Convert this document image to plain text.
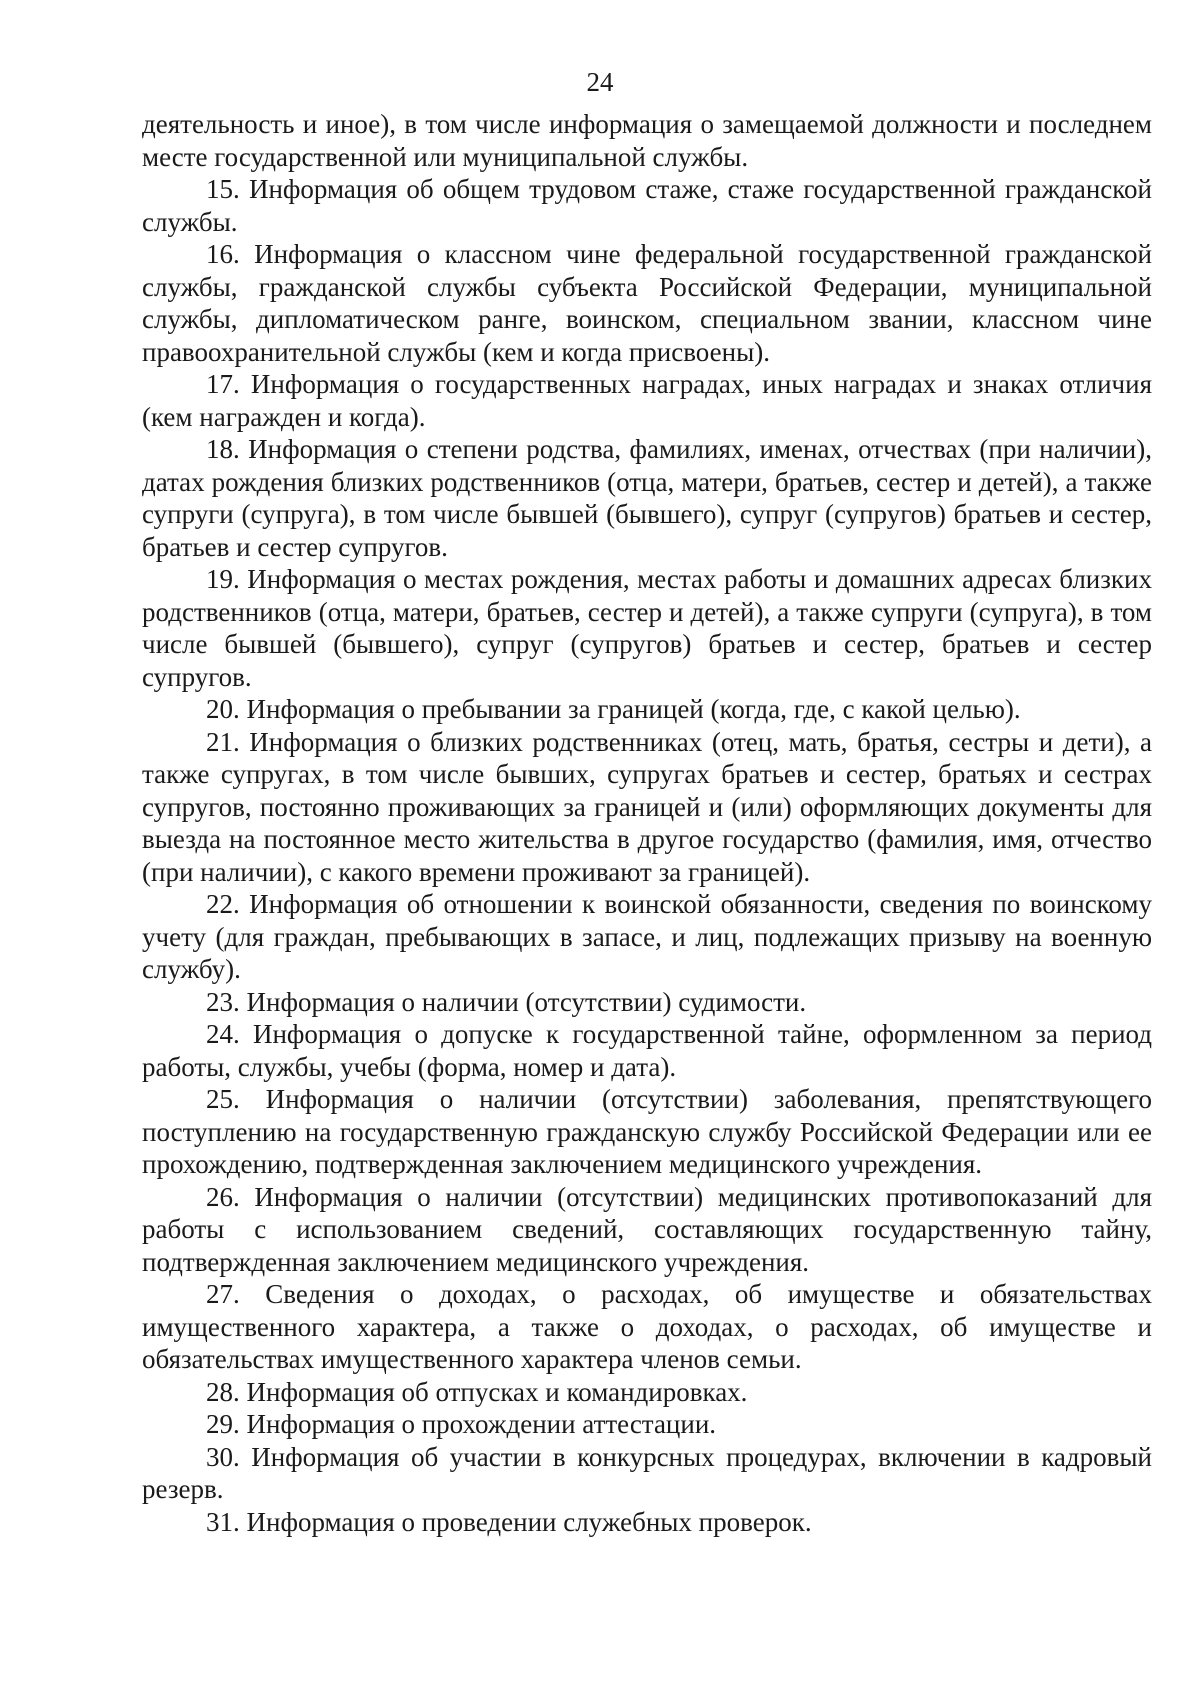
24

деятельность и иное), в том числе информация о замещаемой должности и последнем месте государственной или муниципальной службы.

15. Информация об общем трудовом стаже, стаже государственной гражданской службы.

16. Информация о классном чине федеральной государственной гражданской службы, гражданской службы субъекта Российской Федерации, муниципальной службы, дипломатическом ранге, воинском, специальном звании, классном чине правоохранительной службы (кем и когда присвоены).

17. Информация о государственных наградах, иных наградах и знаках отличия (кем награжден и когда).

18. Информация о степени родства, фамилиях, именах, отчествах (при наличии), датах рождения близких родственников (отца, матери, братьев, сестер и детей), а также супруги (супруга), в том числе бывшей (бывшего), супруг (супругов) братьев и сестер, братьев и сестер супругов.

19. Информация о местах рождения, местах работы и домашних адресах близких родственников (отца, матери, братьев, сестер и детей), а также супруги (супруга), в том числе бывшей (бывшего), супруг (супругов) братьев и сестер, братьев и сестер супругов.

20. Информация о пребывании за границей (когда, где, с какой целью).

21. Информация о близких родственниках (отец, мать, братья, сестры и дети), а также супругах, в том числе бывших, супругах братьев и сестер, братьях и сестрах супругов, постоянно проживающих за границей и (или) оформляющих документы для выезда на постоянное место жительства в другое государство (фамилия, имя, отчество (при наличии), с какого времени проживают за границей).

22. Информация об отношении к воинской обязанности, сведения по воинскому учету (для граждан, пребывающих в запасе, и лиц, подлежащих призыву на военную службу).

23. Информация о наличии (отсутствии) судимости.

24. Информация о допуске к государственной тайне, оформленном за период работы, службы, учебы (форма, номер и дата).

25. Информация о наличии (отсутствии) заболевания, препятствующего поступлению на государственную гражданскую службу Российской Федерации или ее прохождению, подтвержденная заключением медицинского учреждения.

26. Информация о наличии (отсутствии) медицинских противопоказаний для работы с использованием сведений, составляющих государственную тайну, подтвержденная заключением медицинского учреждения.

27. Сведения о доходах, о расходах, об имуществе и обязательствах имущественного характера, а также о доходах, о расходах, об имуществе и обязательствах имущественного характера членов семьи.

28. Информация об отпусках и командировках.

29. Информация о прохождении аттестации.

30. Информация об участии в конкурсных процедурах, включении в кадровый резерв.

31. Информация о проведении служебных проверок.
